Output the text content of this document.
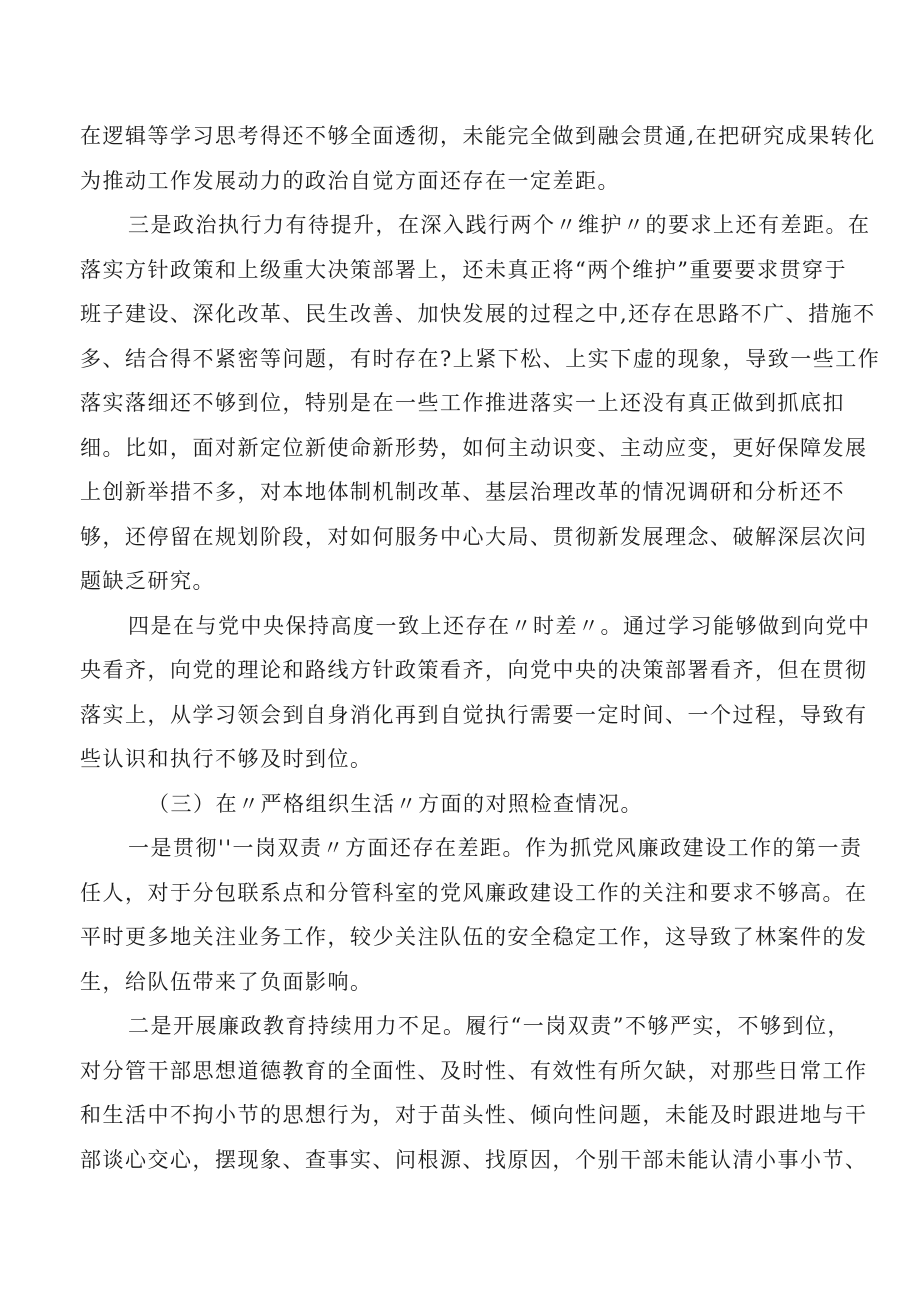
在逻辑等学习思考得还不够全面透彻，未能完全做到融会贯通,在把研究成果转化
为推动工作发展动力的政治自觉方面还存在一定差距。
三是政治执行力有待提升，在深入践行两个〃维护〃的要求上还有差距。在
落实方针政策和上级重大决策部署上，还未真正将“两个维护”重要要求贯穿于
班子建设、深化改革、民生改善、加快发展的过程之中,还存在思路不广、措施不
多、结合得不紧密等问题，有时存在?上紧下松、上实下虚的现象，导致一些工作
落实落细还不够到位，特别是在一些工作推进落实一上还没有真正做到抓底扣
细。比如，面对新定位新使命新形势，如何主动识变、主动应变，更好保障发展
上创新举措不多，对本地体制机制改革、基层治理改革的情况调研和分析还不
够，还停留在规划阶段，对如何服务中心大局、贯彻新发展理念、破解深层次问
题缺乏研究。
四是在与党中央保持高度一致上还存在〃时差〃。通过学习能够做到向党中
央看齐，向党的理论和路线方针政策看齐，向党中央的决策部署看齐，但在贯彻
落实上，从学习领会到自身消化再到自觉执行需要一定时间、一个过程，导致有
些认识和执行不够及时到位。
（三）在〃严格组织生活〃方面的对照检查情况。
一是贯彻''一岗双责〃方面还存在差距。作为抓党风廉政建设工作的第一责
任人，对于分包联系点和分管科室的党风廉政建设工作的关注和要求不够高。在
平时更多地关注业务工作，较少关注队伍的安全稳定工作，这导致了林案件的发
生，给队伍带来了负面影响。
二是开展廉政教育持续用力不足。履行“一岗双责”不够严实，不够到位，
对分管干部思想道德教育的全面性、及时性、有效性有所欠缺，对那些日常工作
和生活中不拘小节的思想行为，对于苗头性、倾向性问题，未能及时跟进地与干
部谈心交心，摆现象、查事实、问根源、找原因，个别干部未能认清小事小节、
